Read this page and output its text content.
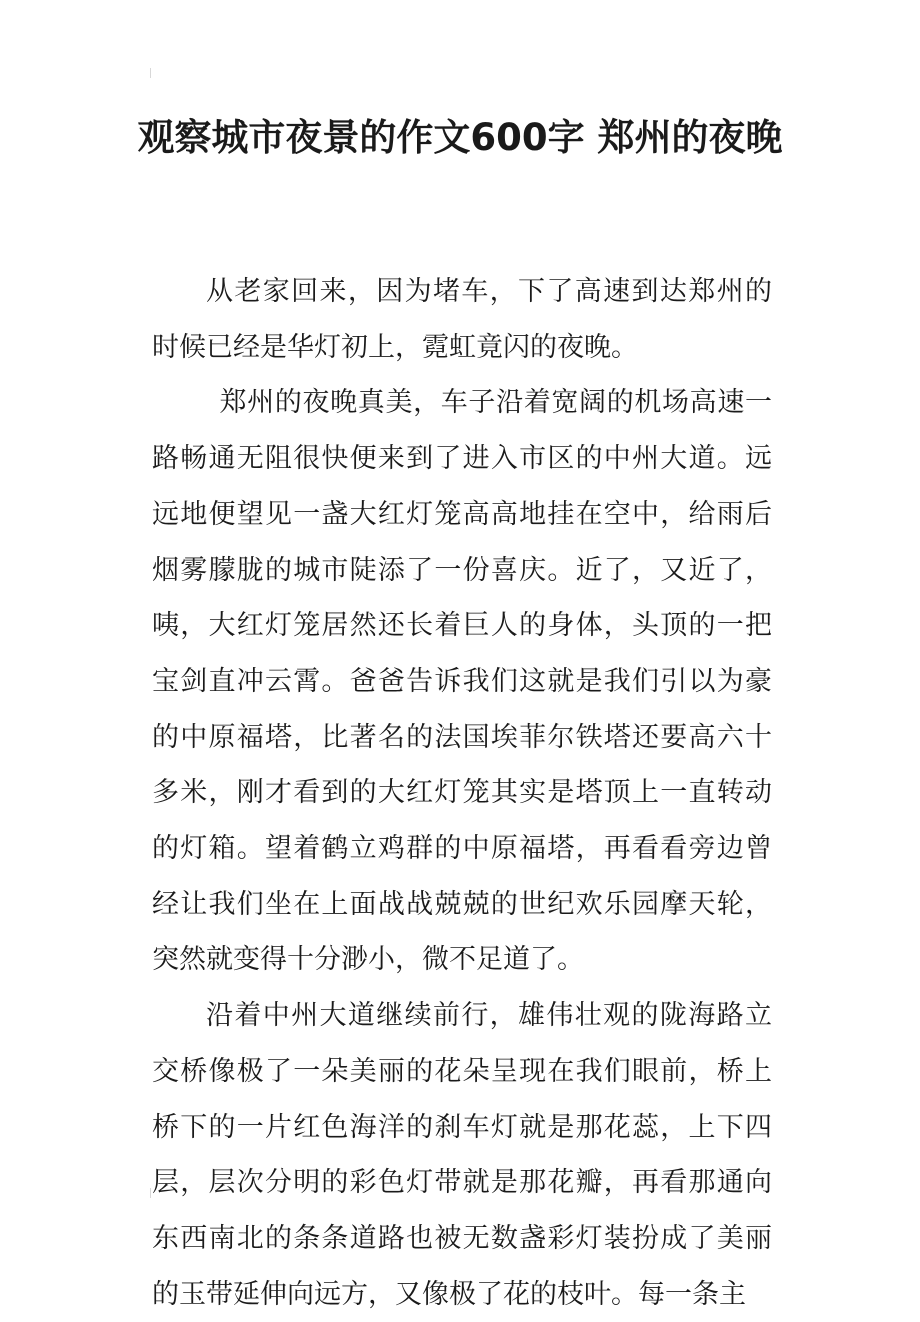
观察城市夜景的作文600字 郑州的夜晚

从老家回来，因为堵车，下了高速到达郑州的时候已经是华灯初上，霓虹竟闪的夜晚。

郑州的夜晚真美，车子沿着宽阔的机场高速一路畅通无阻很快便来到了进入市区的中州大道。远远地便望见一盏大红灯笼高高地挂在空中，给雨后烟雾朦胧的城市陡添了一份喜庆。近了，又近了，咦，大红灯笼居然还长着巨人的身体，头顶的一把宝剑直冲云霄。爸爸告诉我们这就是我们引以为豪的中原福塔，比著名的法国埃菲尔铁塔还要高六十多米，刚才看到的大红灯笼其实是塔顶上一直转动的灯箱。望着鹤立鸡群的中原福塔，再看看旁边曾经让我们坐在上面战战兢兢的世纪欢乐园摩天轮，突然就变得十分渺小，微不足道了。

沿着中州大道继续前行，雄伟壮观的陇海路立交桥像极了一朵美丽的花朵呈现在我们眼前，桥上桥下的一片红色海洋的刹车灯就是那花蕊，上下四层，层次分明的彩色灯带就是那花瓣，再看那通向东西南北的条条道路也被无数盏彩灯装扮成了美丽的玉带延伸向远方，又像极了花的枝叶。每一条主
